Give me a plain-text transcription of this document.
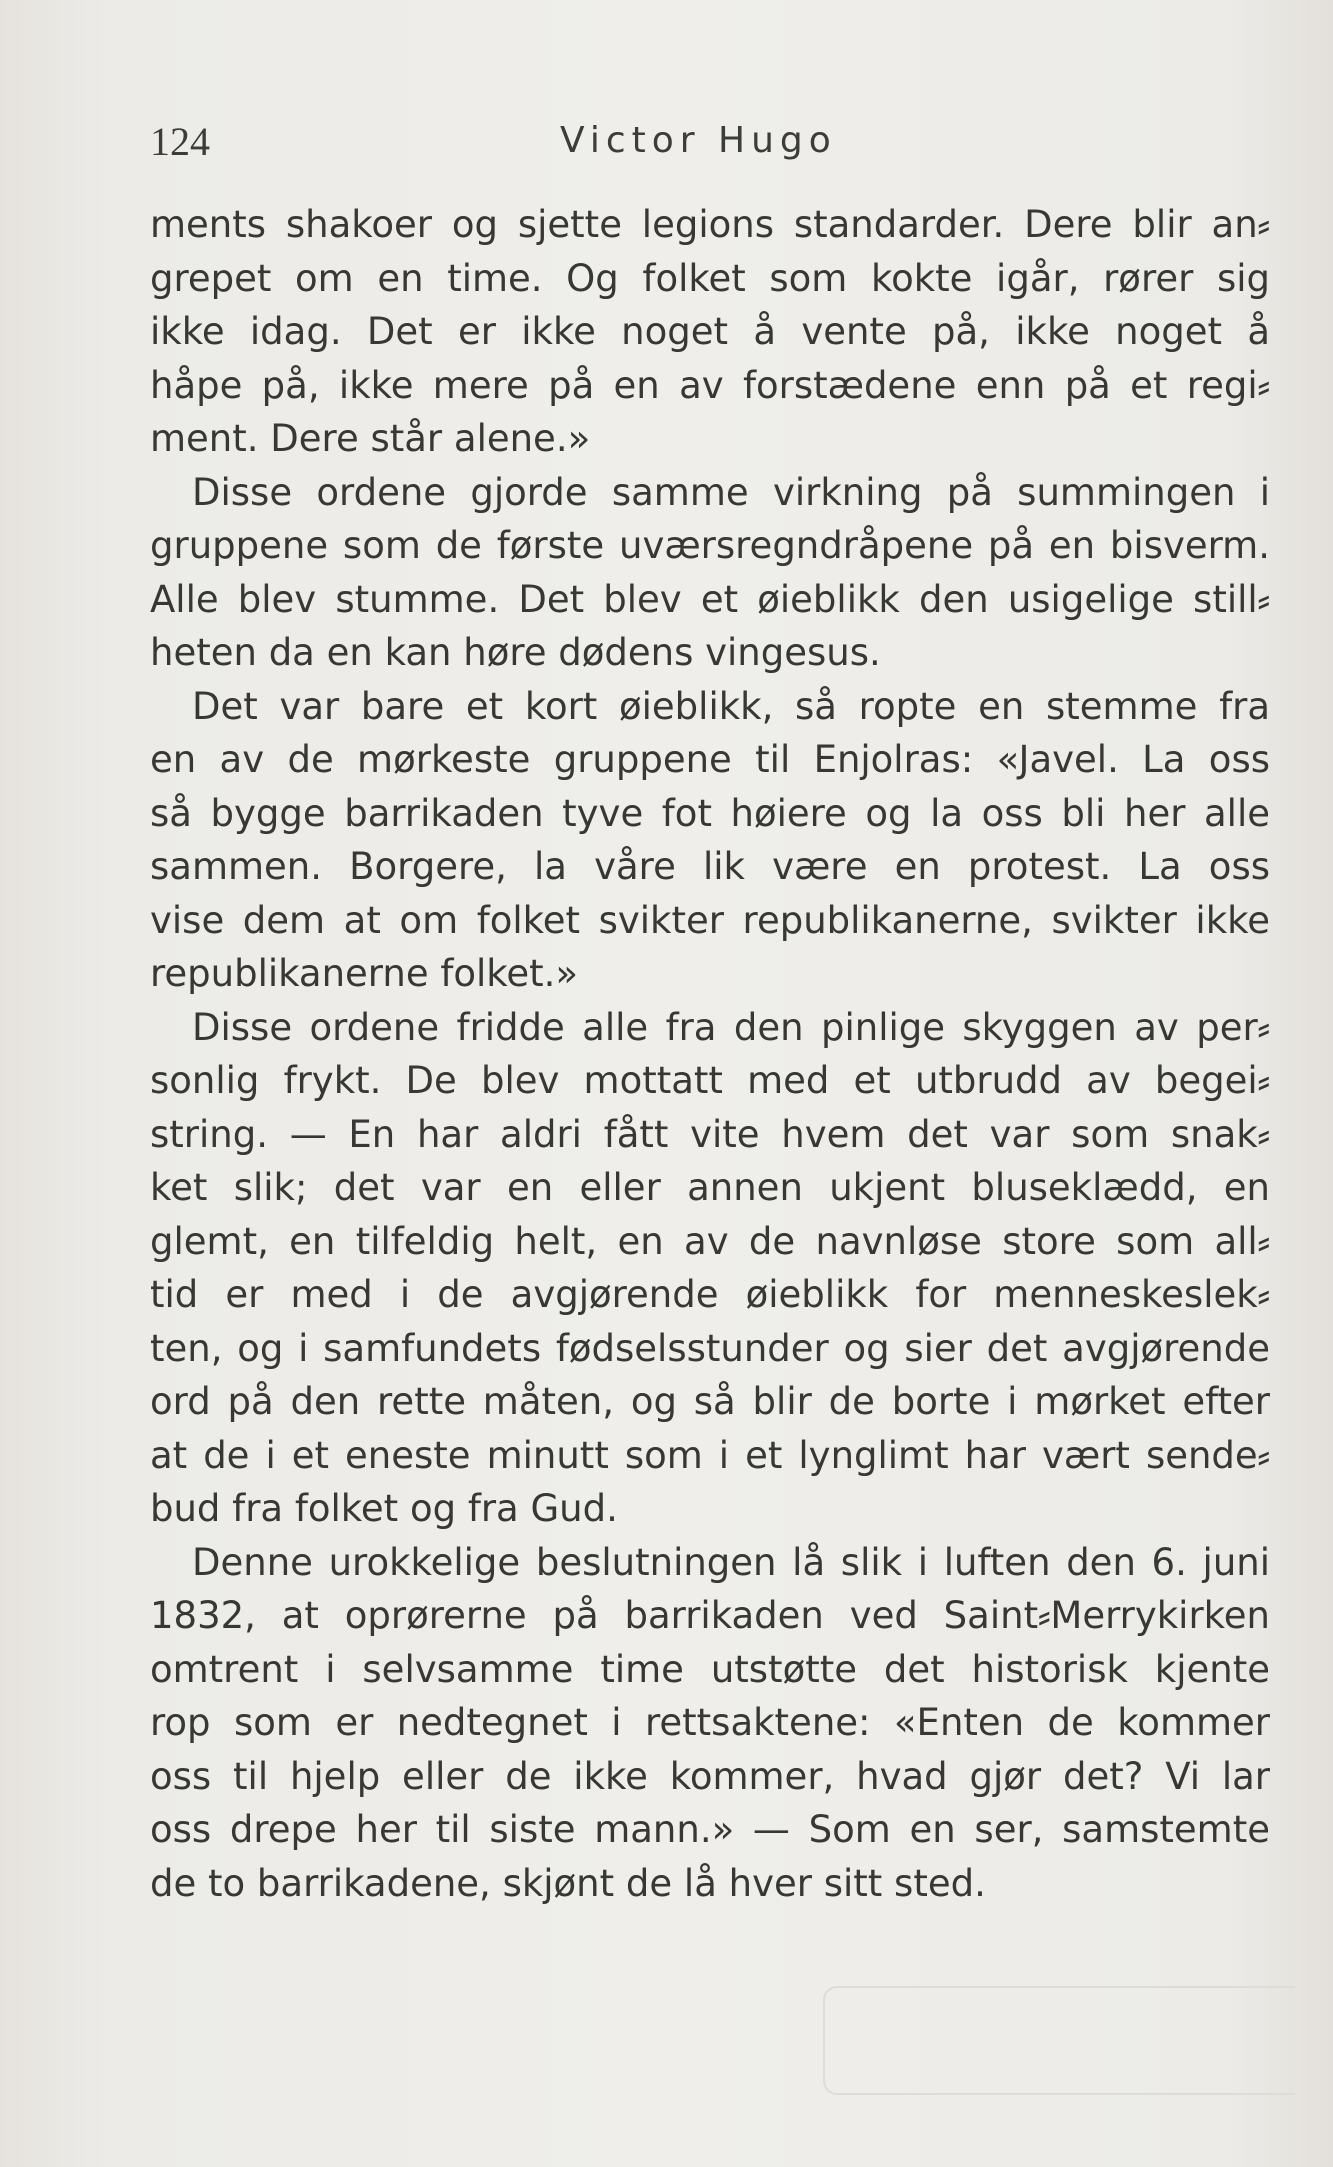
124	Victor Hugo
ments shakoer og sjette legions standarder. Dere blir an⸗
grepet om en time. Og folket som kokte igår, rører sig
ikke idag. Det er ikke noget å vente på, ikke noget å
håpe på, ikke mere på en av forstædene enn på et regi⸗
ment. Dere står alene.»
Disse ordene gjorde samme virkning på summingen i
gruppene som de første uværsregndråpene på en bisverm.
Alle blev stumme. Det blev et øieblikk den usigelige still⸗
heten da en kan høre dødens vingesus.
Det var bare et kort øieblikk, så ropte en stemme fra
en av de mørkeste gruppene til Enjolras: «Javel. La oss
så bygge barrikaden tyve fot høiere og la oss bli her alle
sammen. Borgere, la våre lik være en protest. La oss
vise dem at om folket svikter republikanerne, svikter ikke
republikanerne folket.»
Disse ordene fridde alle fra den pinlige skyggen av per⸗
sonlig frykt. De blev mottatt med et utbrudd av begei⸗
string. — En har aldri fått vite hvem det var som snak⸗
ket slik; det var en eller annen ukjent bluseklædd, en
glemt, en tilfeldig helt, en av de navnløse store som all⸗
tid er med i de avgjørende øieblikk for menneskeslek⸗
ten, og i samfundets fødselsstunder og sier det avgjørende
ord på den rette måten, og så blir de borte i mørket efter
at de i et eneste minutt som i et lynglimt har vært sende⸗
bud fra folket og fra Gud.
Denne urokkelige beslutningen lå slik i luften den 6. juni
1832, at oprørerne på barrikaden ved Saint⸗Merrykirken
omtrent i selvsamme time utstøtte det historisk kjente
rop som er nedtegnet i rettsaktene: «Enten de kommer
oss til hjelp eller de ikke kommer, hvad gjør det? Vi lar
oss drepe her til siste mann.» — Som en ser, samstemte
de to barrikadene, skjønt de lå hver sitt sted.
